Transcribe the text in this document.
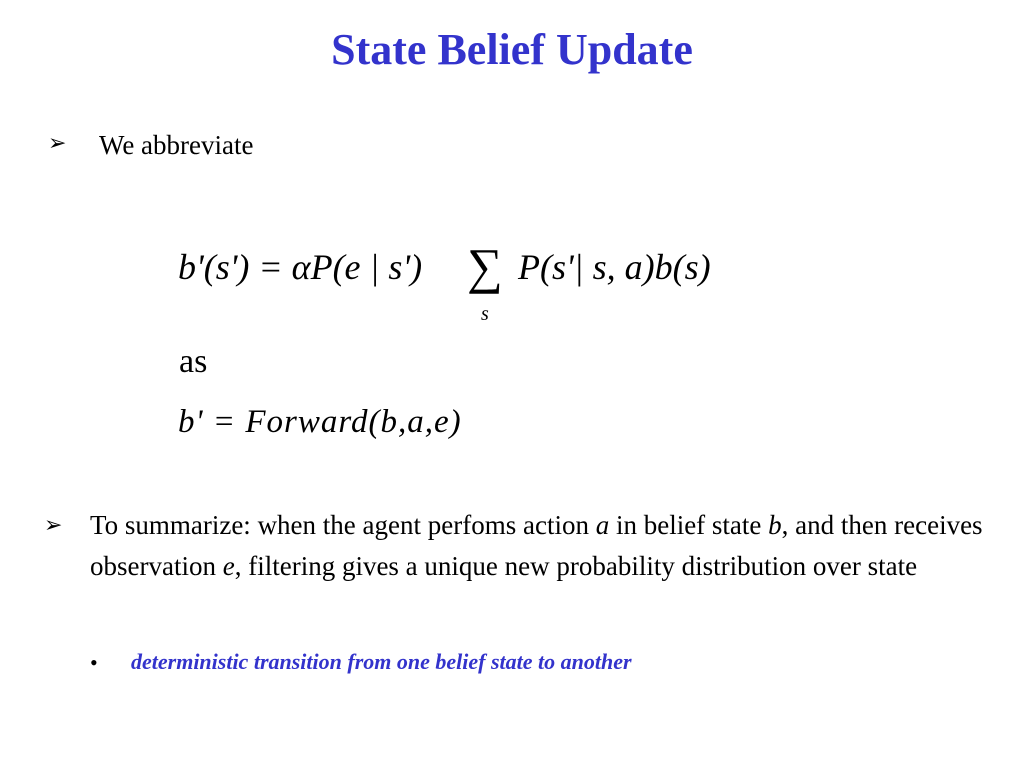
State Belief Update
➢ We abbreviate
b'(s') = αP(e | s') ∑
s
P(s'| s, a)b(s)
as
b' = Forward(b,a,e)
➢ To summarize: when the agent perfoms action a in belief state b, and then receives observation e, filtering gives a unique new probability distribution over state
• deterministic transition from one belief state to another
